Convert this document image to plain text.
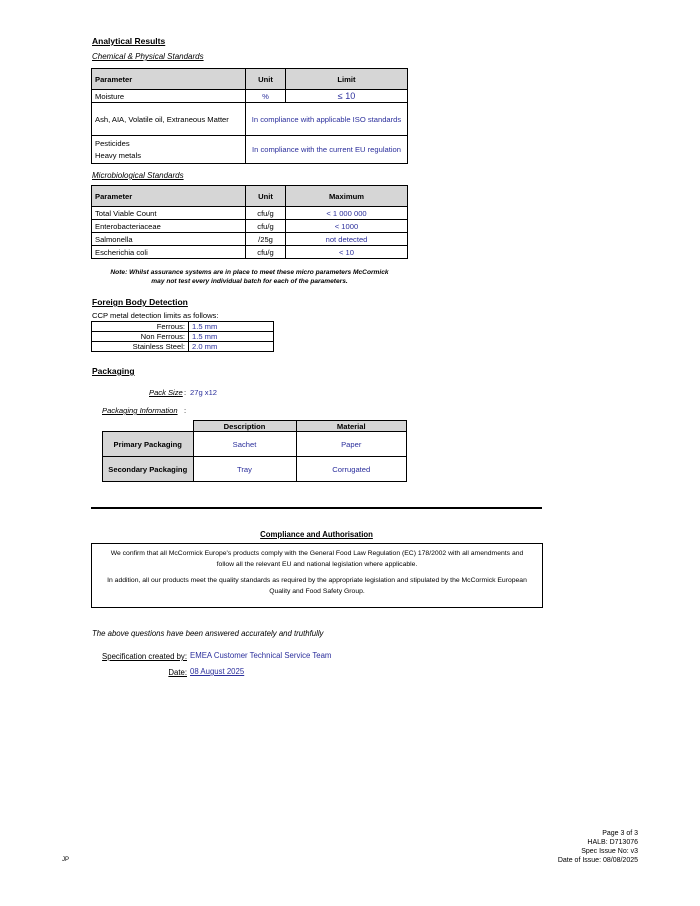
Analytical Results
Chemical & Physical Standards
Parameter	Unit	Limit
Moisture	%	≤ 10
Ash, AIA, Volatile oil, Extraneous Matter	In compliance with applicable ISO standards	

Pesticides
Heavy metals	In compliance with the current EU regulation	
Microbiological Standards
Parameter	Unit	Maximum
Total Viable Count	cfu/g	< 1 000 000
Enterobacteriaceae	cfu/g	< 1000
Salmonella	/25g	not detected
Escherichia coli	cfu/g	< 10
Note: Whilst assurance systems are in place to meet these micro parameters McCormick
may not test every individual batch for each of the parameters.
Foreign Body Detection
CCP metal detection limits as follows:
Ferrous:	1.5 mm
Non Ferrous:	1.5 mm
Stainless Steel:	2.0 mm
Packaging
Pack Size : 27g x12
Packaging Information :
	Description	Material
Primary Packaging	Sachet	Paper
Secondary Packaging	Tray	Corrugated
Compliance and Authorisation
We confirm that all McCormick Europe's products comply with the General Food Law Regulation (EC) 178/2002 with all amendments and
follow all the relevant EU and national legislation where applicable.
In addition, all our products meet the quality standards as required by the appropriate legislation and stipulated by the McCormick European
Quality and Food Safety Group.
The above questions have been answered accurately and truthfully
Specification created by: EMEA Customer Technical Service Team
Date: 08 August 2025
JP
Page 3 of 3
HALB: D713076
Spec Issue No: v3
Date of Issue: 08/08/2025
